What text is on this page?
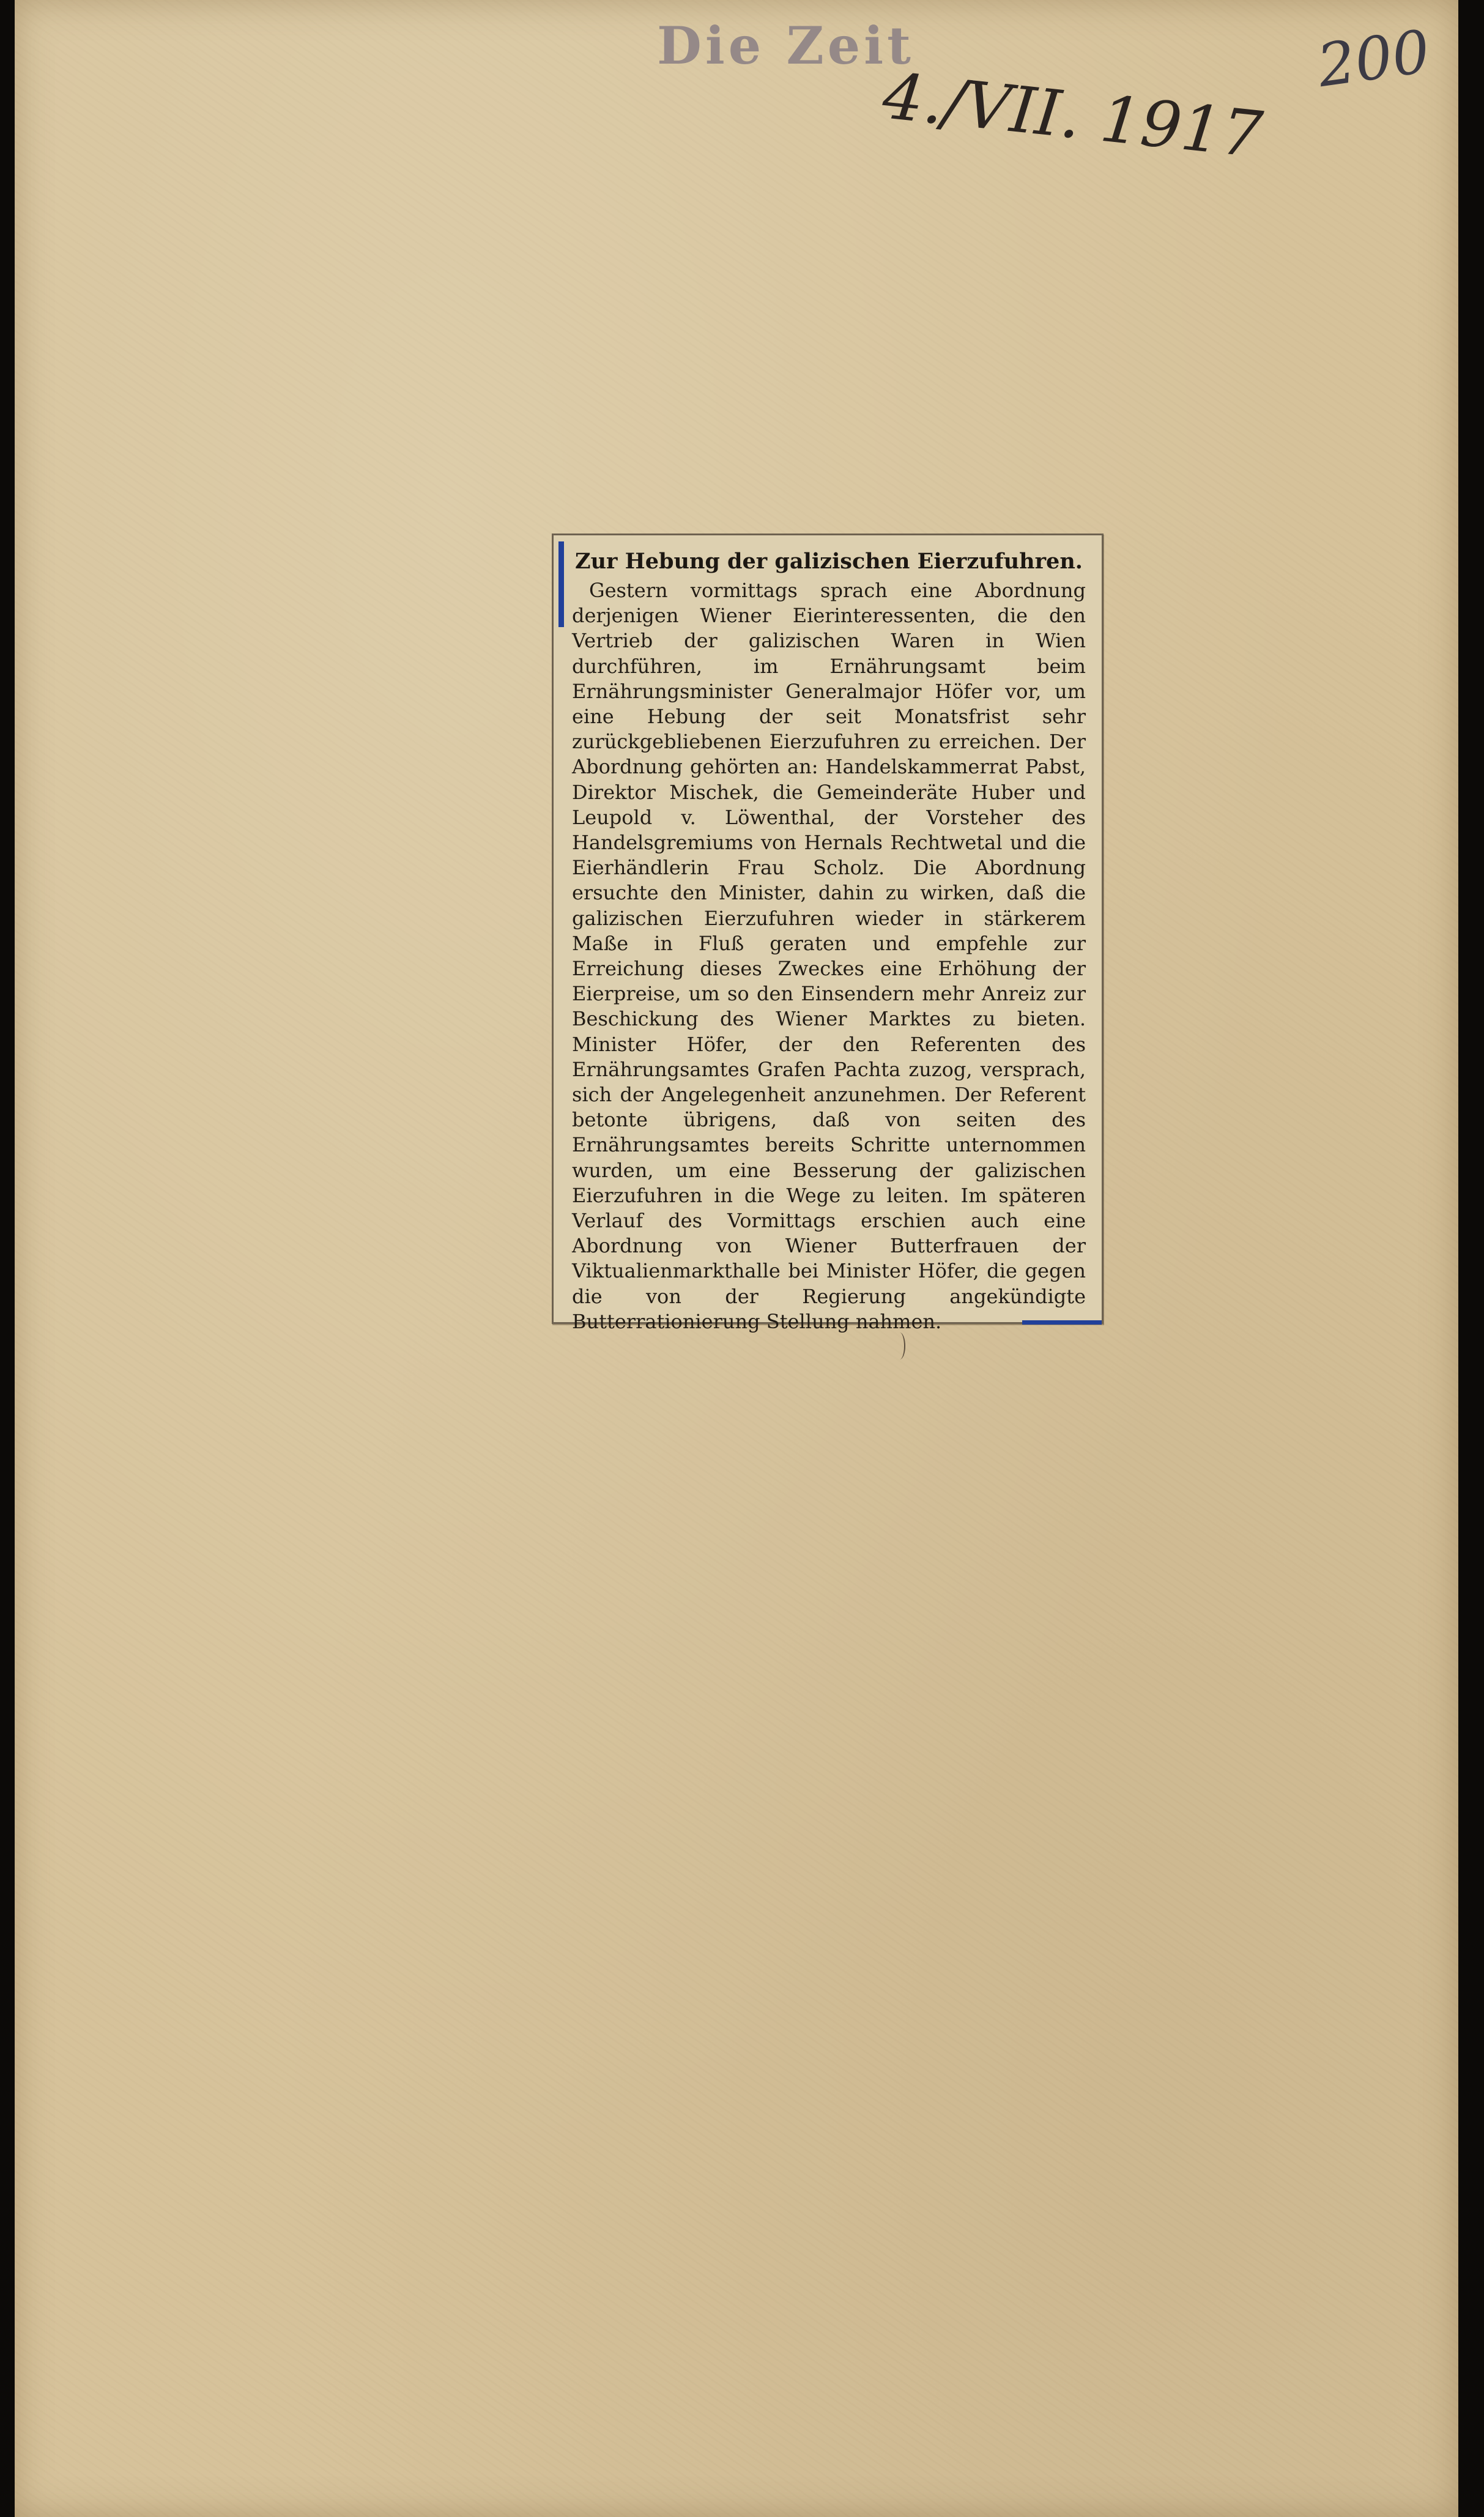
Die Zeit

4./VII. 1917 200
Zur Hebung der galizischen Eierzufuhren.

Gestern vormittags sprach eine Abordnung derjenigen Wiener Eierinteressenten, die den Vertrieb der galizischen Waren in Wien durchführen, im Ernährungsamt beim Ernährungsminister Generalmajor Höfer vor, um eine Hebung der seit Monatsfrist sehr zurückgebliebenen Eierzufuhren zu erreichen. Der Abordnung gehörten an: Handelskammerrat Pabst, Direktor Mischek, die Gemeinderäte Huber und Leupold v. Löwenthal, der Vorsteher des Handelsgremiums von Hernals Rechtwetal und die Eierhändlerin Frau Scholz. Die Abordnung ersuchte den Minister, dahin zu wirken, daß die galizischen Eierzufuhren wieder in stärkerem Maße in Fluß geraten und empfehle zur Erreichung dieses Zweckes eine Erhöhung der Eierpreise, um so den Einsendern mehr Anreiz zur Beschickung des Wiener Marktes zu bieten. Minister Höfer, der den Referenten des Ernährungsamtes Grafen Pachta zuzog, versprach, sich der Angelegenheit anzunehmen. Der Referent betonte übrigens, daß von seiten des Ernährungsamtes bereits Schritte unternommen wurden, um eine Besserung der galizischen Eierzufuhren in die Wege zu leiten. Im späteren Verlauf des Vormittags erschien auch eine Abordnung von Wiener Butterfrauen der Viktualienmarkthalle bei Minister Höfer, die gegen die von der Regierung angekündigte Butterrationierung Stellung nahmen.
